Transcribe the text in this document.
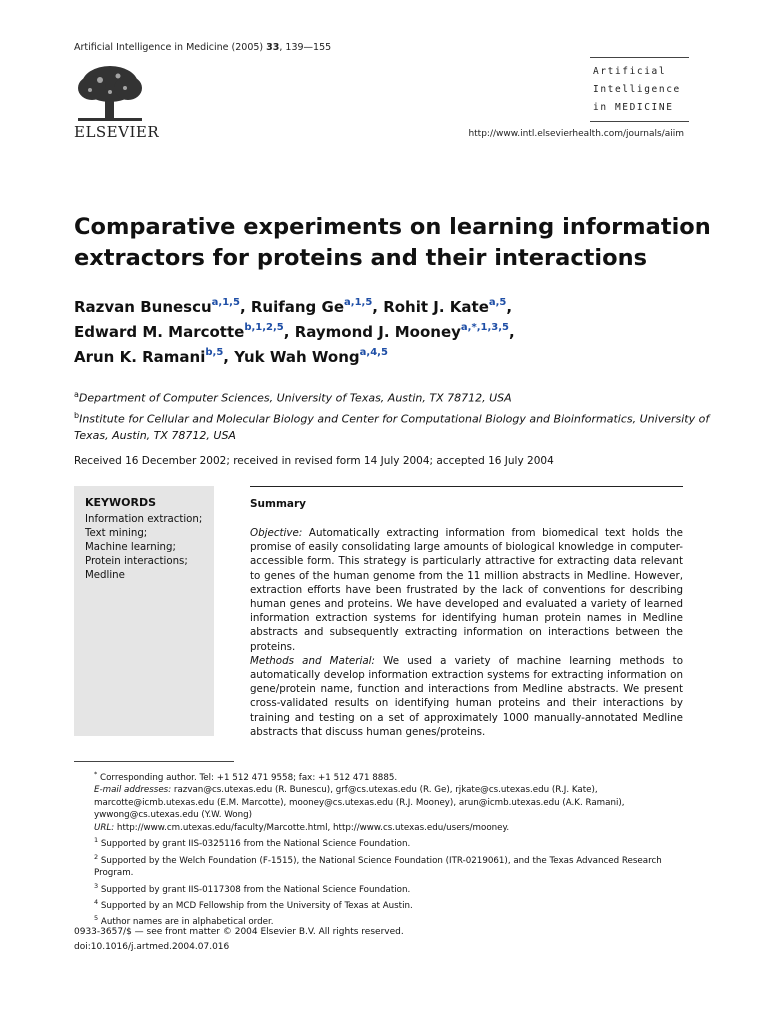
Artificial Intelligence in Medicine (2005) 33, 139—155
ELSEVIER
Artificial
Intelligence
in MEDICINE
http://www.intl.elsevierhealth.com/journals/aiim
Comparative experiments on learning information extractors for proteins and their interactions
Razvan Bunescu$^{a,1,5}$, Ruifang Ge$^{a,1,5}$, Rohit J. Kate$^{a,5}$,
Edward M. Marcotte$^{b,1,2,5}$, Raymond J. Mooney$^{a,*,1,3,5}$,
Arun K. Ramani$^{b,5}$, Yuk Wah Wong$^{a,4,5}$
$^a$Department of Computer Sciences, University of Texas, Austin, TX 78712, USA
$^b$Institute for Cellular and Molecular Biology and Center for Computational Biology and Bioinformatics, University of Texas, Austin, TX 78712, USA
Received 16 December 2002; received in revised form 14 July 2004; accepted 16 July 2004
KEYWORDS
Information extraction;
Text mining;
Machine learning;
Protein interactions;
Medline
Summary

Objective: Automatically extracting information from biomedical text holds the promise of easily consolidating large amounts of biological knowledge in computer-accessible form. This strategy is particularly attractive for extracting data relevant to genes of the human genome from the 11 million abstracts in Medline. However, extraction efforts have been frustrated by the lack of conventions for describing human genes and proteins. We have developed and evaluated a variety of learned information extraction systems for identifying human protein names in Medline abstracts and subsequently extracting information on interactions between the proteins.

Methods and Material: We used a variety of machine learning methods to automatically develop information extraction systems for extracting information on gene/protein name, function and interactions from Medline abstracts. We present cross-validated results on identifying human proteins and their interactions by training and testing on a set of approximately 1000 manually-annotated Medline abstracts that discuss human genes/proteins.

* Corresponding author. Tel: +1 512 471 9558; fax: +1 512 471 8885.
E-mail addresses: razvan@cs.utexas.edu (R. Bunescu), grf@cs.utexas.edu (R. Ge), rjkate@cs.utexas.edu (R.J. Kate), marcotte@icmb.utexas.edu (E.M. Marcotte), mooney@cs.utexas.edu (R.J. Mooney), arun@icmb.utexas.edu (A.K. Ramani), ywwong@cs.utexas.edu (Y.W. Wong)
URL: http://www.cm.utexas.edu/faculty/Marcotte.html, http://www.cs.utexas.edu/users/mooney.
$^1$ Supported by grant IIS-0325116 from the National Science Foundation.
$^2$ Supported by the Welch Foundation (F-1515), the National Science Foundation (ITR-0219061), and the Texas Advanced Research Program.
$^3$ Supported by grant IIS-0117308 from the National Science Foundation.
$^4$ Supported by an MCD Fellowship from the University of Texas at Austin.
$^5$ Author names are in alphabetical order.
0933-3657/$ — see front matter © 2004 Elsevier B.V. All rights reserved.
doi:10.1016/j.artmed.2004.07.016
